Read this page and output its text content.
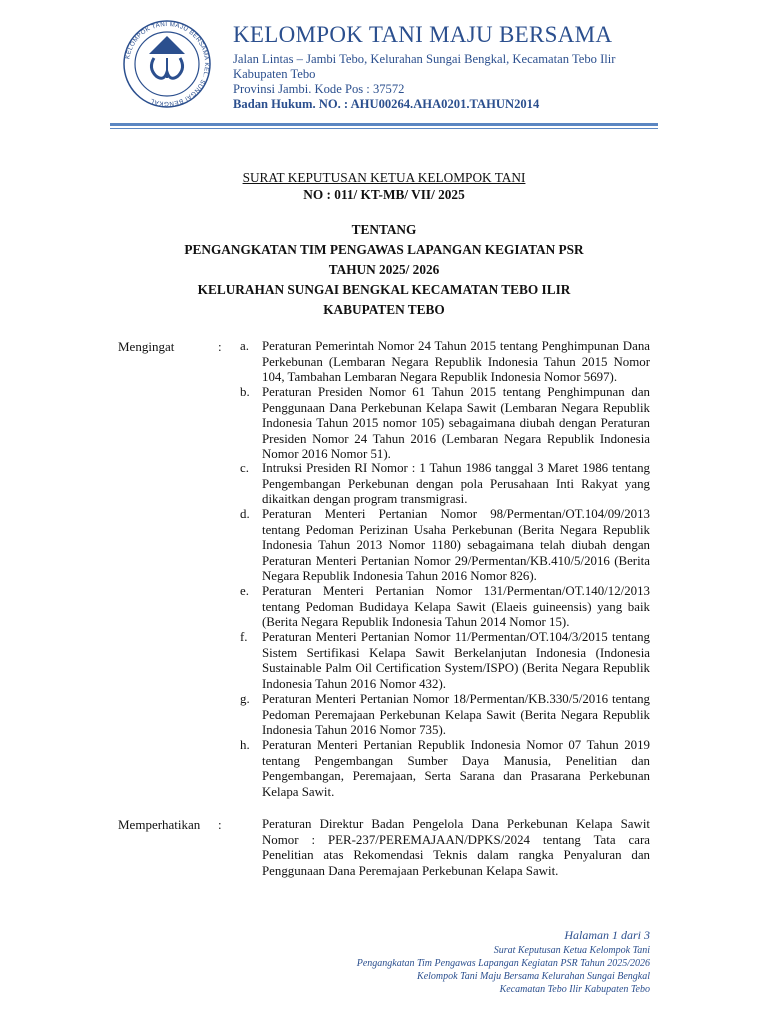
KELOMPOK TANI MAJU BERSAMA KEL. SUNGAI BENGKAL
KELOMPOK TANI MAJU BERSAMA
Jalan Lintas – Jambi Tebo, Kelurahan Sungai Bengkal, Kecamatan Tebo Ilir
Kabupaten Tebo
Provinsi Jambi. Kode Pos : 37572
Badan Hukum. NO. : AHU00264.AHA0201.TAHUN2014
SURAT KEPUTUSAN KETUA KELOMPOK TANI
NO : 011/ KT-MB/ VII/ 2025
TENTANG
PENGANGKATAN TIM PENGAWAS LAPANGAN KEGIATAN PSR
TAHUN 2025/ 2026
KELURAHAN SUNGAI BENGKAL KECAMATAN TEBO ILIR
KABUPATEN TEBO
Mengingat	: a.	Peraturan Pemerintah Nomor 24 Tahun 2015 tentang Penghimpunan Dana Perkebunan (Lembaran Negara Republik Indonesia Tahun 2015 Nomor 104, Tambahan Lembaran Negara Republik Indonesia Nomor 5697).
b. Peraturan Presiden Nomor 61 Tahun 2015 tentang Penghimpunan dan Penggunaan Dana Perkebunan Kelapa Sawit (Lembaran Negara Republik Indonesia Tahun 2015 nomor 105) sebagaimana diubah dengan Peraturan Presiden Nomor 24 Tahun 2016 (Lembaran Negara Republik Indonesia Nomor 2016 Nomor 51).
c.	Intruksi Presiden RI Nomor : 1 Tahun 1986 tanggal 3 Maret 1986 tentang Pengembangan Perkebunan dengan pola Perusahaan Inti Rakyat yang dikaitkan dengan program transmigrasi.
d. Peraturan Menteri Pertanian Nomor 98/Permentan/OT.104/09/2013 tentang Pedoman Perizinan Usaha Perkebunan (Berita Negara Republik Indonesia Tahun 2013 Nomor 1180) sebagaimana telah diubah dengan Peraturan Menteri Pertanian Nomor 29/Permentan/KB.410/5/2016 (Berita Negara Republik Indonesia Tahun 2016 Nomor 826).
e.	Peraturan Menteri Pertanian Nomor 131/Permentan/OT.140/12/2013 tentang Pedoman Budidaya Kelapa Sawit (Elaeis guineensis) yang baik (Berita Negara Republik Indonesia Tahun 2014 Nomor 15).
f.	Peraturan Menteri Pertanian Nomor 11/Permentan/OT.104/3/2015 tentang Sistem Sertifikasi Kelapa Sawit Berkelanjutan Indonesia (Indonesia Sustainable Palm Oil Certification System/ISPO) (Berita Negara Republik Indonesia Tahun 2016 Nomor 432).
g. Peraturan Menteri Pertanian Nomor 18/Permentan/KB.330/5/2016 tentang Pedoman Peremajaan Perkebunan Kelapa Sawit (Berita Negara Republik Indonesia Tahun 2016 Nomor 735).
h. Peraturan Menteri Pertanian Republik Indonesia Nomor 07 Tahun 2019 tentang Pengembangan Sumber Daya Manusia, Penelitian dan Pengembangan, Peremajaan, Serta Sarana dan Prasarana Perkebunan Kelapa Sawit.
Memperhatikan :	Peraturan Direktur Badan Pengelola Dana Perkebunan Kelapa Sawit Nomor : PER-237/PEREMAJAAN/DPKS/2024 tentang Tata cara Penelitian atas Rekomendasi Teknis dalam rangka Penyaluran dan Penggunaan Dana Peremajaan Perkebunan Kelapa Sawit.
Halaman 1 dari 3
Surat Keputusan Ketua Kelompok Tani
Pengangkatan Tim Pengawas Lapangan Kegiatan PSR Tahun 2025/2026
Kelompok Tani Maju Bersama Kelurahan Sungai Bengkal
Kecamatan Tebo Ilir Kabupaten Tebo
